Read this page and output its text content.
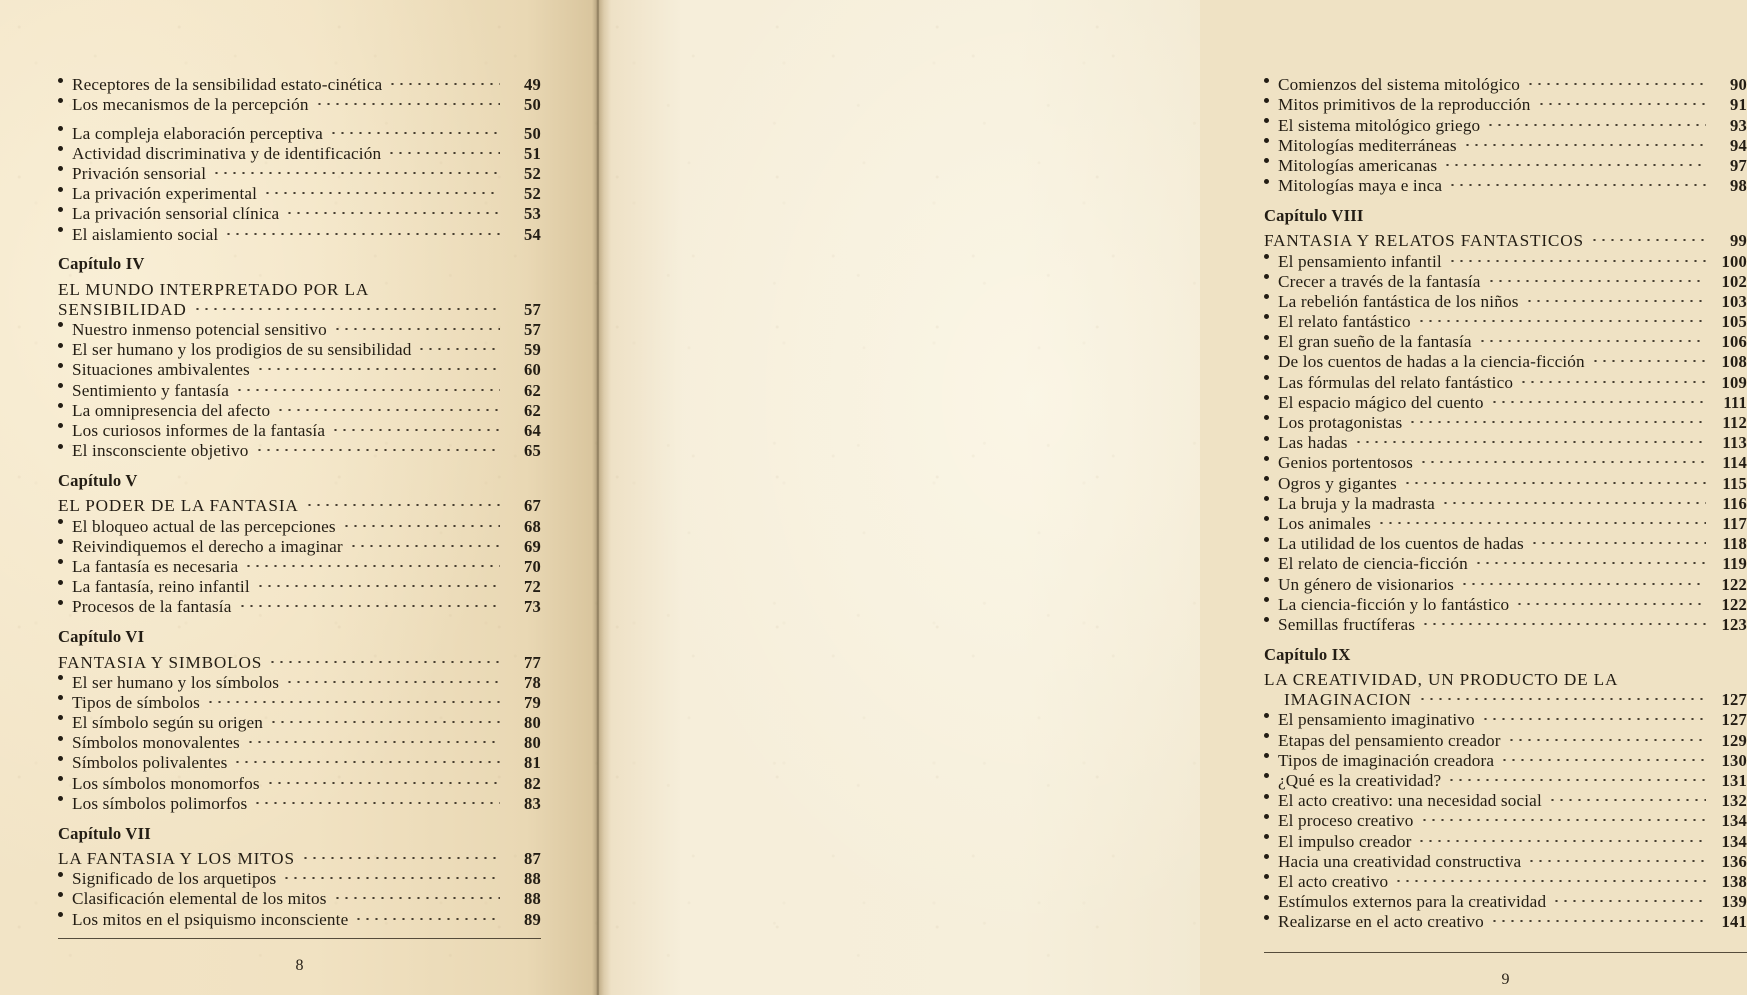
Receptores de la sensibilidad estato-cinética	49
Los mecanismos de la percepción	50
La compleja elaboración perceptiva	50
Actividad discriminativa y de identificación	51
Privación sensorial	52
La privación experimental	52
La privación sensorial clínica	53
El aislamiento social	54
Capítulo IV
EL MUNDO INTERPRETADO POR LA
SENSIBILIDAD	57
Nuestro inmenso potencial sensitivo	57
El ser humano y los prodigios de su sensibilidad	59
Situaciones ambivalentes	60
Sentimiento y fantasía	62
La omnipresencia del afecto	62
Los curiosos informes de la fantasía	64
El insconsciente objetivo	65
Capítulo V
EL PODER DE LA FANTASIA	67
El bloqueo actual de las percepciones	68
Reivindiquemos el derecho a imaginar	69
La fantasía es necesaria	70
La fantasía, reino infantil	72
Procesos de la fantasía	73
Capítulo VI
FANTASIA Y SIMBOLOS	77
El ser humano y los símbolos	78
Tipos de símbolos	79
El símbolo según su origen	80
Símbolos monovalentes	80
Símbolos polivalentes	81
Los símbolos monomorfos	82
Los símbolos polimorfos	83
Capítulo VII
LA FANTASIA Y LOS MITOS	87
Significado de los arquetipos	88
Clasificación elemental de los mitos	88
Los mitos en el psiquismo inconsciente	89
8
Comienzos del sistema mitológico	90
Mitos primitivos de la reproducción	91
El sistema mitológico griego	93
Mitologías mediterráneas	94
Mitologías americanas	97
Mitologías maya e inca	98
Capítulo VIII
FANTASIA Y RELATOS FANTASTICOS	99
El pensamiento infantil	100
Crecer a través de la fantasía	102
La rebelión fantástica de los niños	103
El relato fantástico	105
El gran sueño de la fantasía	106
De los cuentos de hadas a la ciencia-ficción	108
Las fórmulas del relato fantástico	109
El espacio mágico del cuento	111
Los protagonistas	112
Las hadas	113
Genios portentosos	114
Ogros y gigantes	115
La bruja y la madrasta	116
Los animales	117
La utilidad de los cuentos de hadas	118
El relato de ciencia-ficción	119
Un género de visionarios	122
La ciencia-ficción y lo fantástico	122
Semillas fructíferas	123
Capítulo IX
LA CREATIVIDAD, UN PRODUCTO DE LA
IMAGINACION	127
El pensamiento imaginativo	127
Etapas del pensamiento creador	129
Tipos de imaginación creadora	130
¿Qué es la creatividad?	131
El acto creativo: una necesidad social	132
El proceso creativo	134
El impulso creador	134
Hacia una creatividad constructiva	136
El acto creativo	138
Estímulos externos para la creatividad	139
Realizarse en el acto creativo	141
9
